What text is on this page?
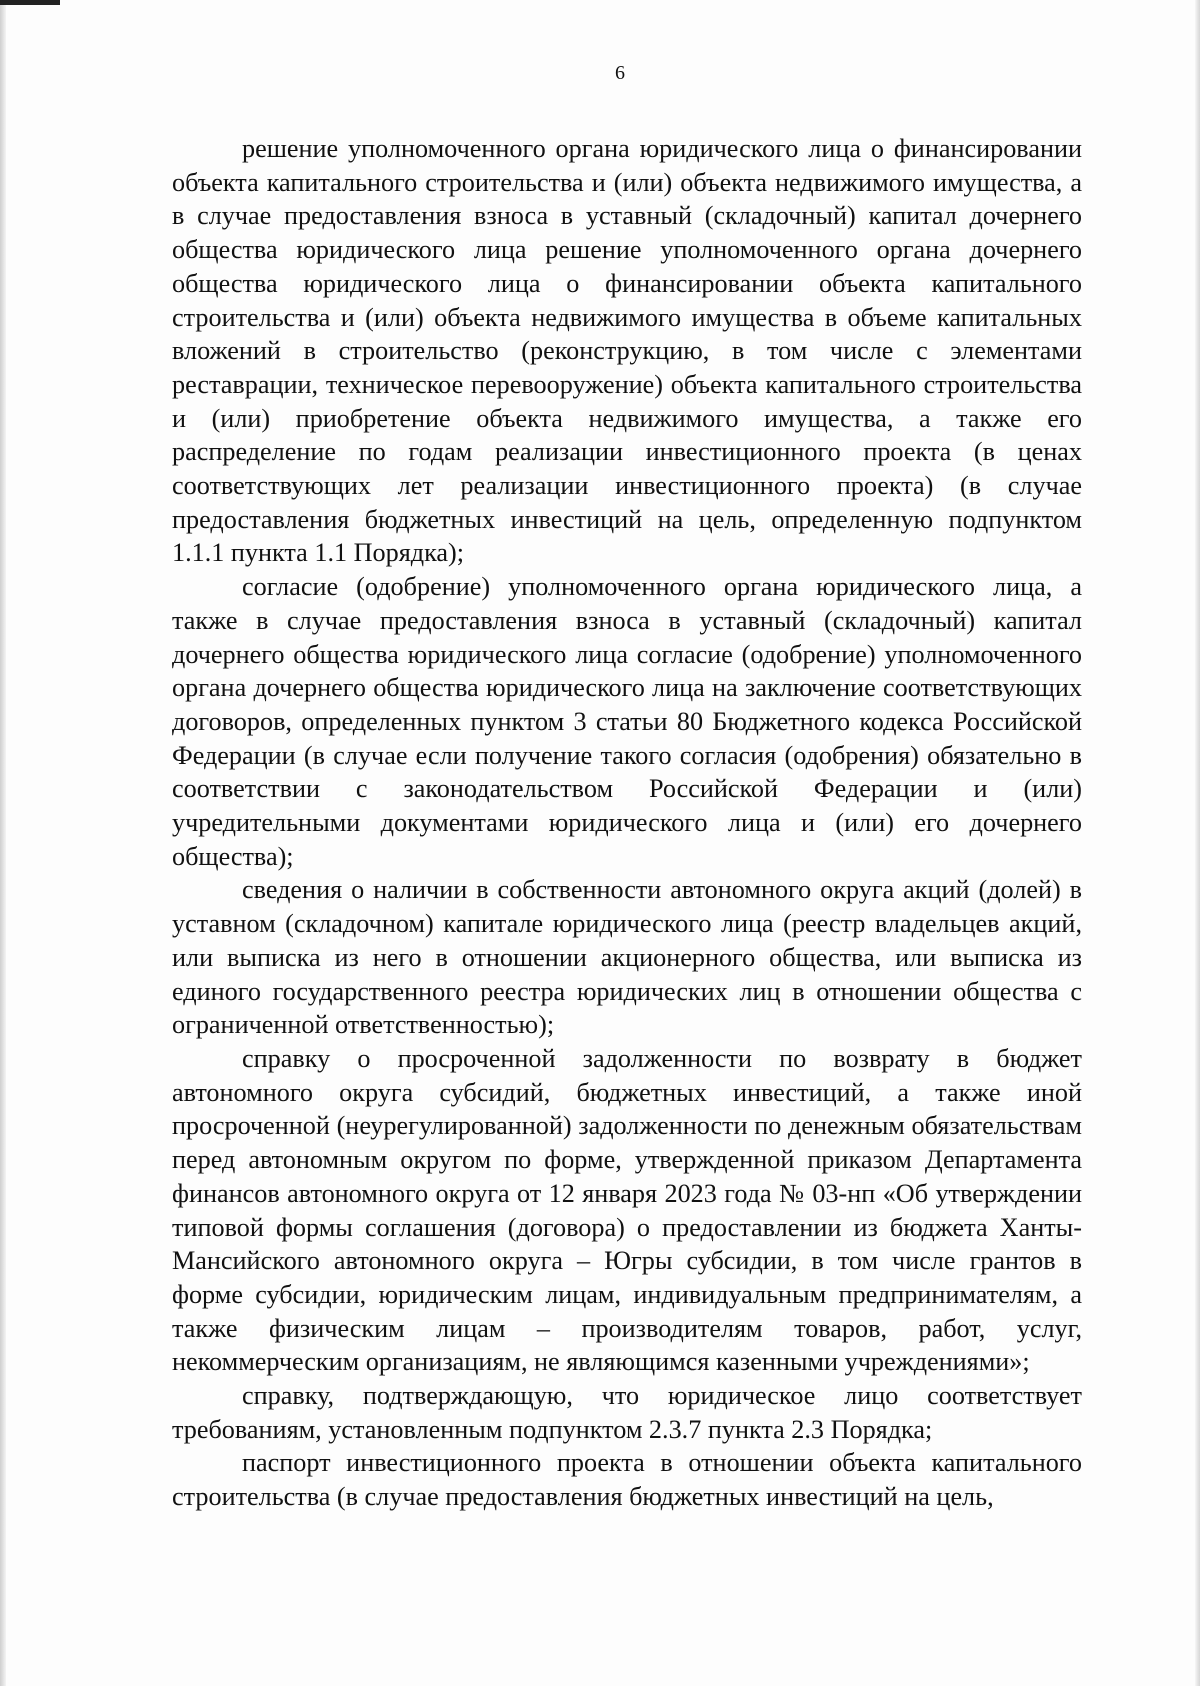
6

решение уполномоченного органа юридического лица о финансировании объекта капитального строительства и (или) объекта недвижимого имущества, а в случае предоставления взноса в уставный (складочный) капитал дочернего общества юридического лица решение уполномоченного органа дочернего общества юридического лица о финансировании объекта капитального строительства и (или) объекта недвижимого имущества в объеме капитальных вложений в строительство (реконструкцию, в том числе с элементами реставрации, техническое перевооружение) объекта капитального строительства и (или) приобретение объекта недвижимого имущества, а также его распределение по годам реализации инвестиционного проекта (в ценах соответствующих лет реализации инвестиционного проекта) (в случае предоставления бюджетных инвестиций на цель, определенную подпунктом 1.1.1 пункта 1.1 Порядка);

согласие (одобрение) уполномоченного органа юридического лица, а также в случае предоставления взноса в уставный (складочный) капитал дочернего общества юридического лица согласие (одобрение) уполномоченного органа дочернего общества юридического лица на заключение соответствующих договоров, определенных пунктом 3 статьи 80 Бюджетного кодекса Российской Федерации (в случае если получение такого согласия (одобрения) обязательно в соответствии с законодательством Российской Федерации и (или) учредительными документами юридического лица и (или) его дочернего общества);

сведения о наличии в собственности автономного округа акций (долей) в уставном (складочном) капитале юридического лица (реестр владельцев акций, или выписка из него в отношении акционерного общества, или выписка из единого государственного реестра юридических лиц в отношении общества с ограниченной ответственностью);

справку о просроченной задолженности по возврату в бюджет автономного округа субсидий, бюджетных инвестиций, а также иной просроченной (неурегулированной) задолженности по денежным обязательствам перед автономным округом по форме, утвержденной приказом Департамента финансов автономного округа от 12 января 2023 года № 03-нп «Об утверждении типовой формы соглашения (договора) о предоставлении из бюджета Ханты-Мансийского автономного округа – Югры субсидии, в том числе грантов в форме субсидии, юридическим лицам, индивидуальным предпринимателям, а также физическим лицам – производителям товаров, работ, услуг, некоммерческим организациям, не являющимся казенными учреждениями»;

справку, подтверждающую, что юридическое лицо соответствует требованиям, установленным подпунктом 2.3.7 пункта 2.3 Порядка;

паспорт инвестиционного проекта в отношении объекта капитального строительства (в случае предоставления бюджетных инвестиций на цель,
